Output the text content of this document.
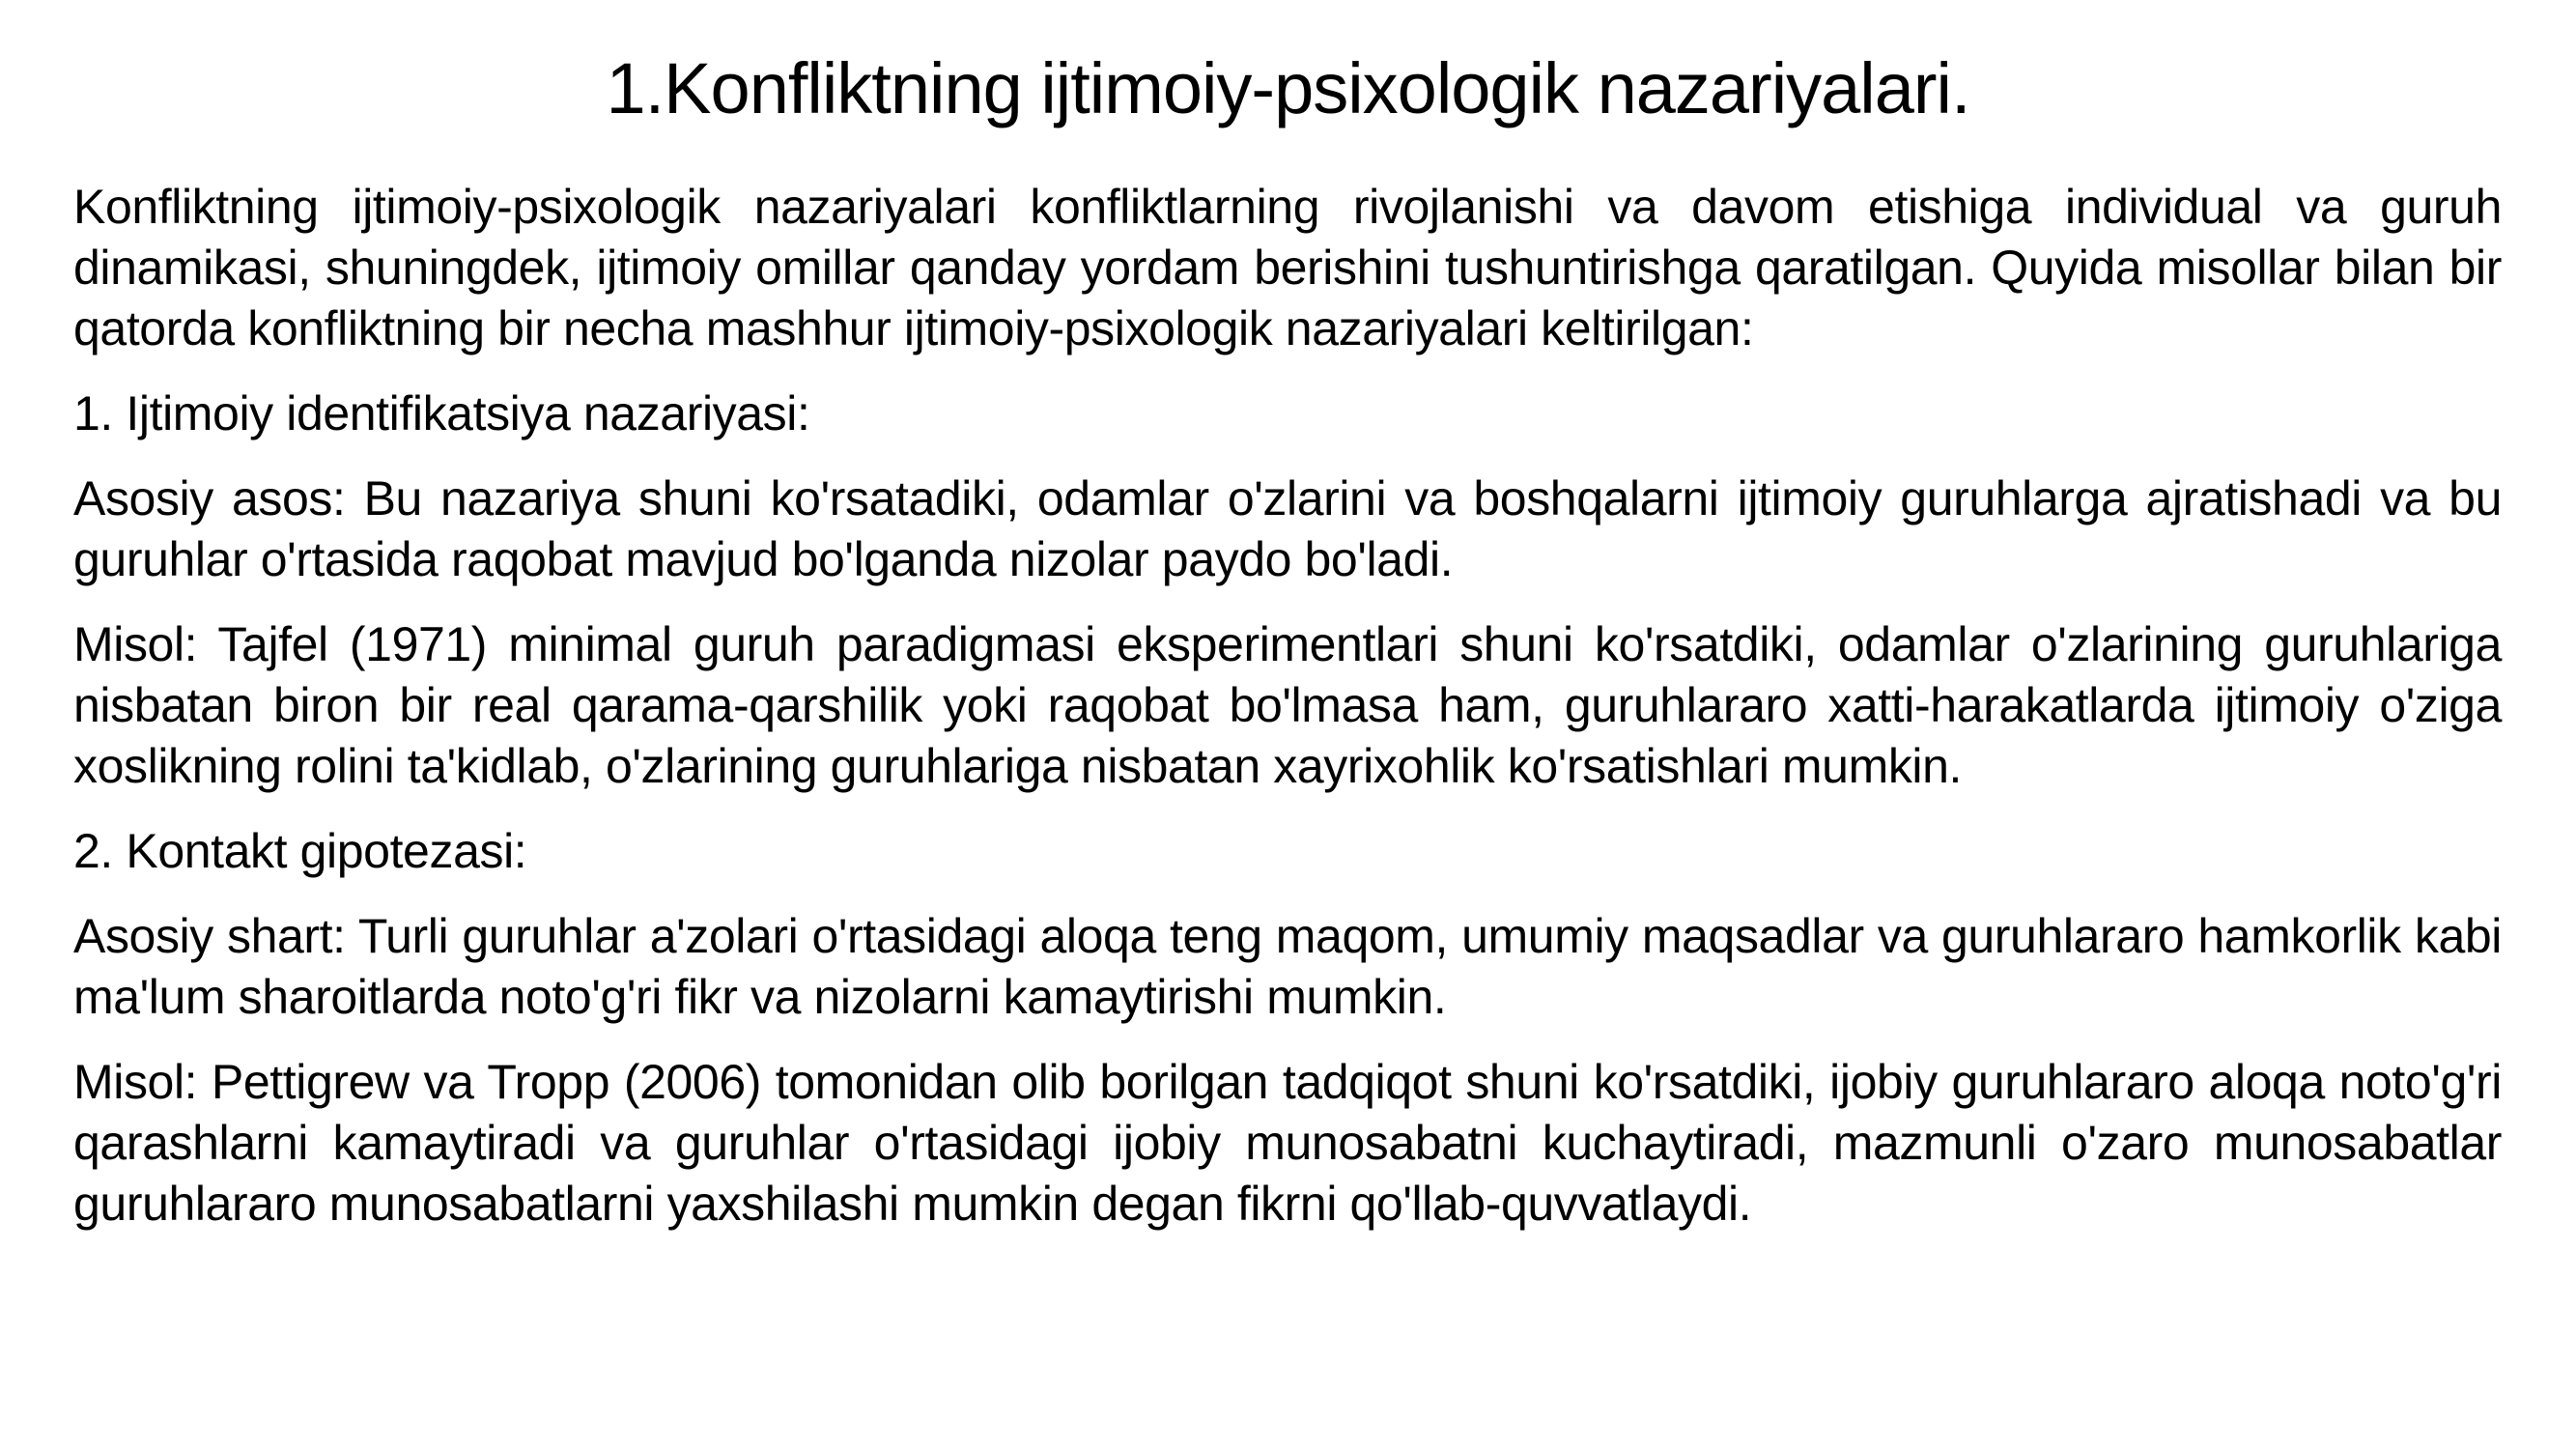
1.Konfliktning ijtimoiy-psixologik nazariyalari.

Konfliktning ijtimoiy-psixologik nazariyalari konfliktlarning rivojlanishi va davom etishiga individual va guruh dinamikasi, shuningdek, ijtimoiy omillar qanday yordam berishini tushuntirishga qaratilgan. Quyida misollar bilan bir qatorda konfliktning bir necha mashhur ijtimoiy-psixologik nazariyalari keltirilgan:

1. Ijtimoiy identifikatsiya nazariyasi:

Asosiy asos: Bu nazariya shuni ko'rsatadiki, odamlar o'zlarini va boshqalarni ijtimoiy guruhlarga ajratishadi va bu guruhlar o'rtasida raqobat mavjud bo'lganda nizolar paydo bo'ladi.

Misol: Tajfel (1971) minimal guruh paradigmasi eksperimentlari shuni ko'rsatdiki, odamlar o'zlarining guruhlariga nisbatan biron bir real qarama-qarshilik yoki raqobat bo'lmasa ham, guruhlararo xatti-harakatlarda ijtimoiy o'ziga xoslikning rolini ta'kidlab, o'zlarining guruhlariga nisbatan xayrixohlik ko'rsatishlari mumkin.

2. Kontakt gipotezasi:

Asosiy shart: Turli guruhlar a'zolari o'rtasidagi aloqa teng maqom, umumiy maqsadlar va guruhlararo hamkorlik kabi ma'lum sharoitlarda noto'g'ri fikr va nizolarni kamaytirishi mumkin.

Misol: Pettigrew va Tropp (2006) tomonidan olib borilgan tadqiqot shuni ko'rsatdiki, ijobiy guruhlararo aloqa noto'g'ri qarashlarni kamaytiradi va guruhlar o'rtasidagi ijobiy munosabatni kuchaytiradi, mazmunli o'zaro munosabatlar guruhlararo munosabatlarni yaxshilashi mumkin degan fikrni qo'llab-quvvatlaydi.
